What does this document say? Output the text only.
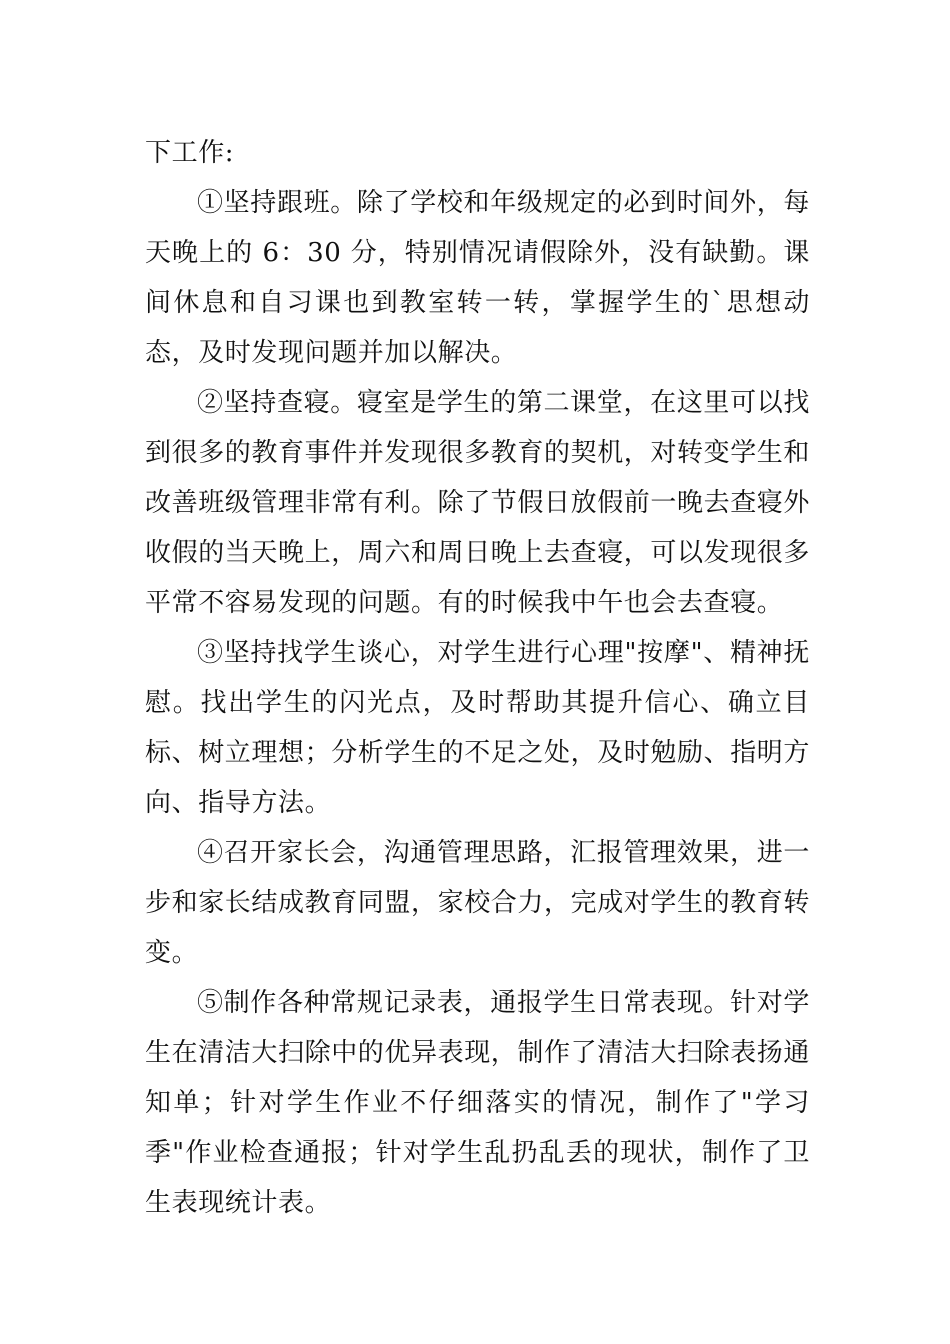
下工作:

①坚持跟班。除了学校和年级规定的必到时间外，每天晚上的 6：30 分，特别情况请假除外，没有缺勤。课间休息和自习课也到教室转一转，掌握学生的`思想动态，及时发现问题并加以解决。

②坚持查寝。寝室是学生的第二课堂，在这里可以找到很多的教育事件并发现很多教育的契机，对转变学生和改善班级管理非常有利。除了节假日放假前一晚去查寝外收假的当天晚上，周六和周日晚上去查寝，可以发现很多平常不容易发现的问题。有的时候我中午也会去查寝。

③坚持找学生谈心，对学生进行心理"按摩"、精神抚慰。找出学生的闪光点，及时帮助其提升信心、确立目标、树立理想；分析学生的不足之处，及时勉励、指明方向、指导方法。

④召开家长会，沟通管理思路，汇报管理效果，进一步和家长结成教育同盟，家校合力，完成对学生的教育转变。

⑤制作各种常规记录表，通报学生日常表现。针对学生在清洁大扫除中的优异表现，制作了清洁大扫除表扬通知单；针对学生作业不仔细落实的情况，制作了"学习季"作业检查通报；针对学生乱扔乱丢的现状，制作了卫生表现统计表。
